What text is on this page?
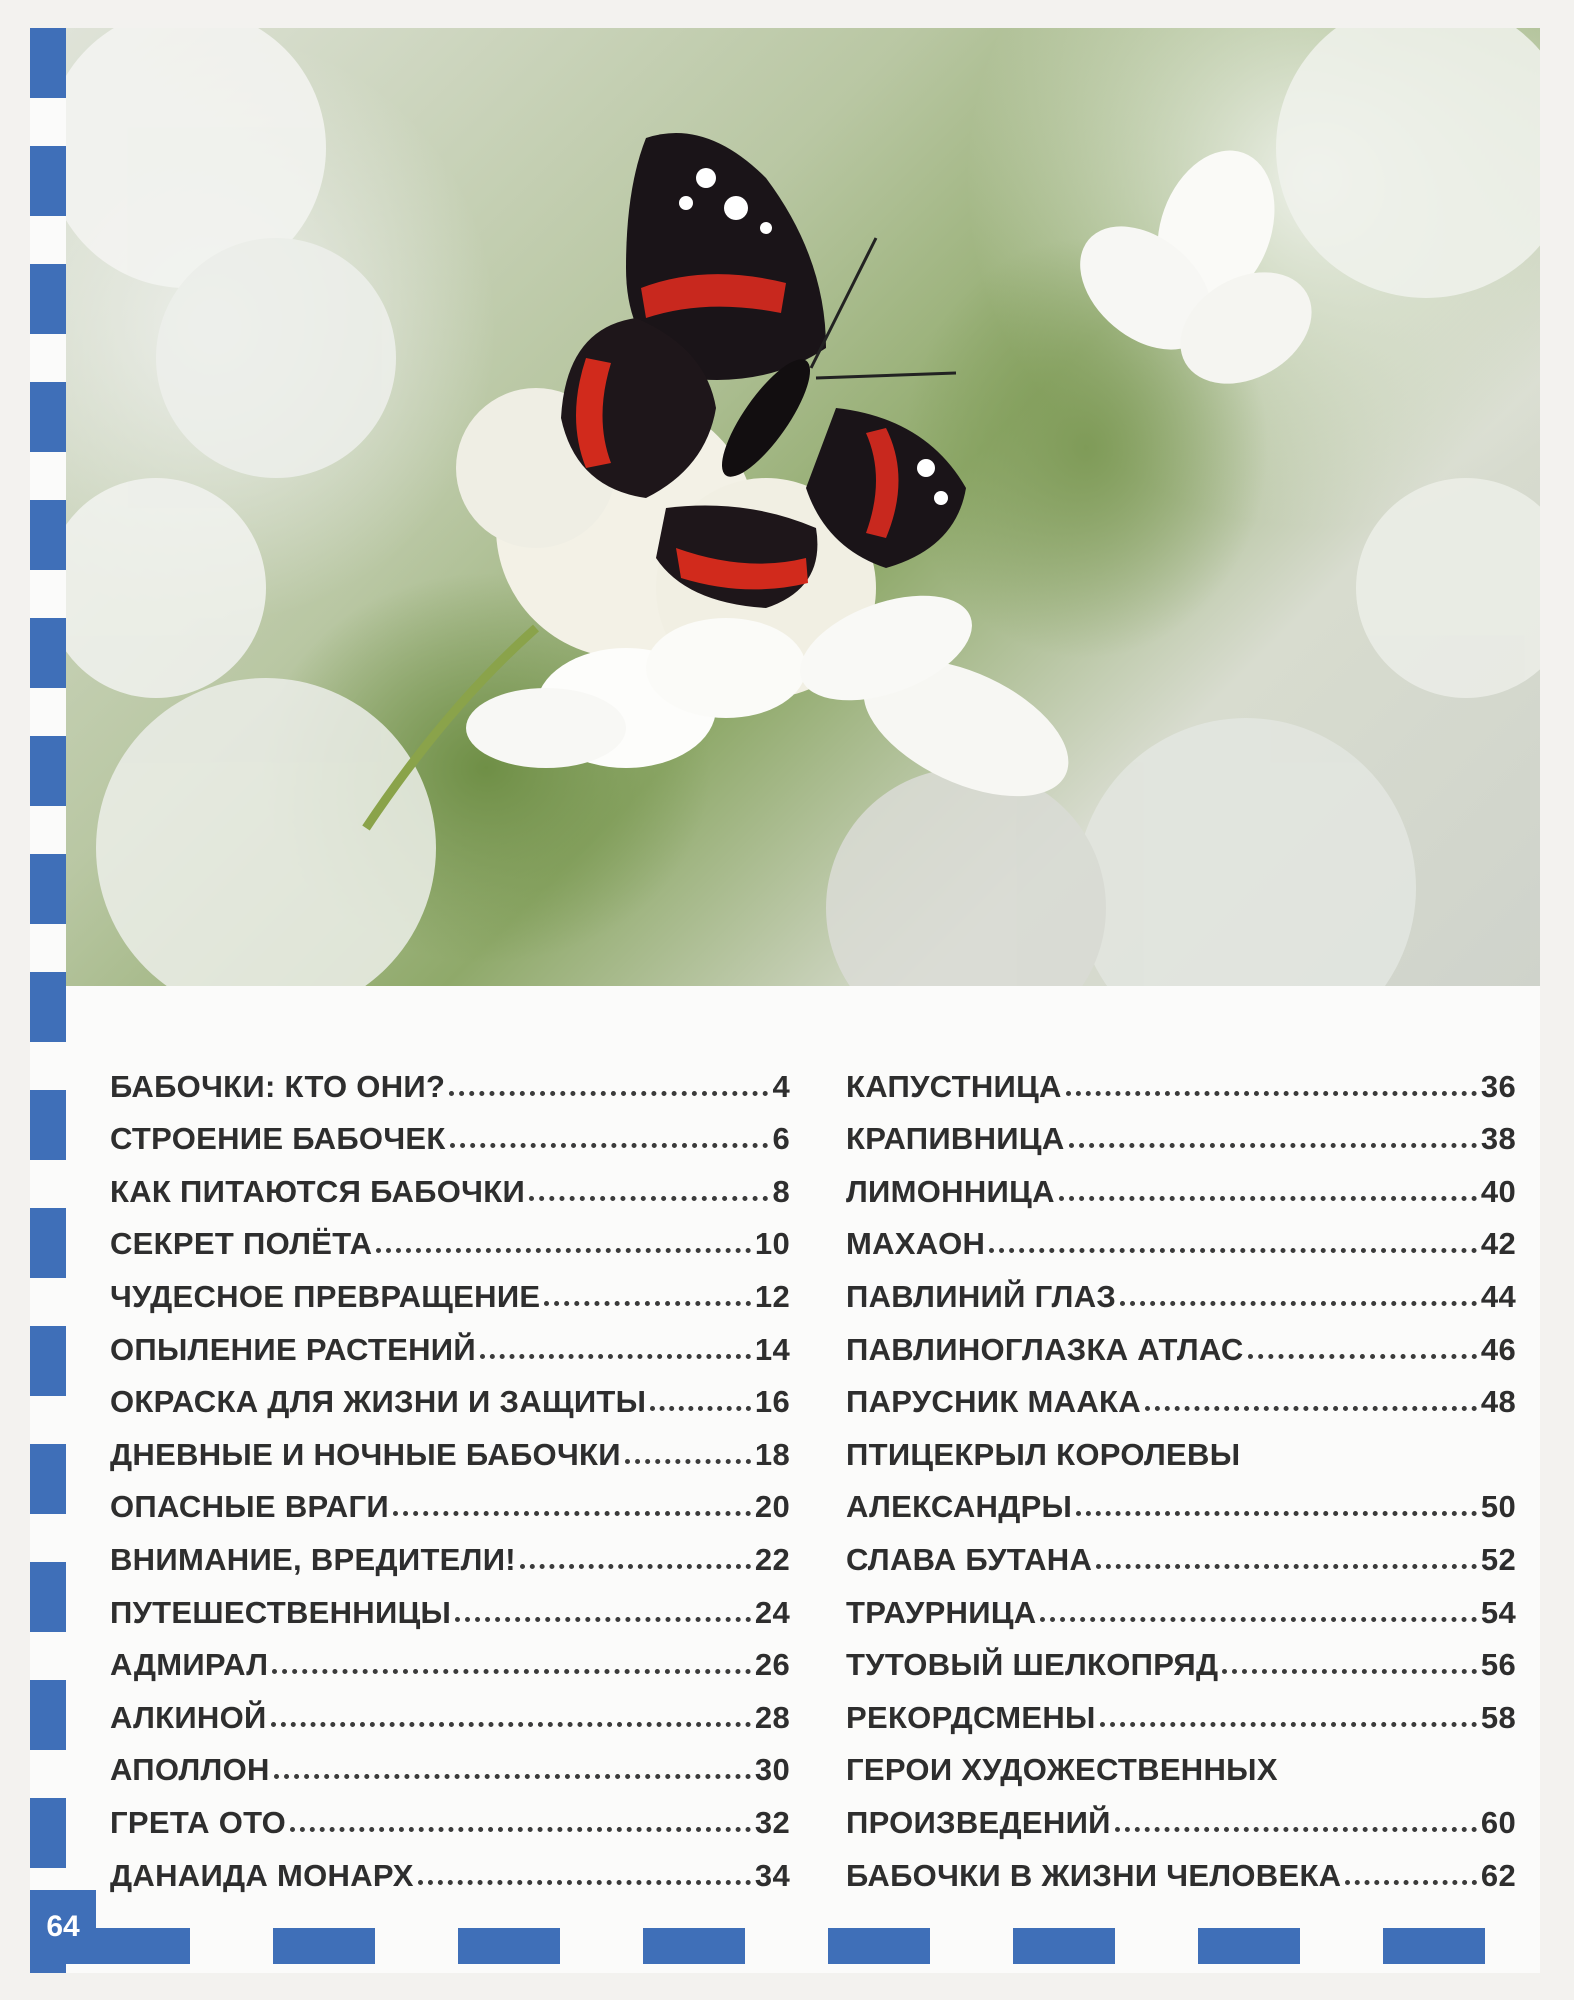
64
БАБОЧКИ: КТО ОНИ?	4
СТРОЕНИЕ БАБОЧЕК	6
КАК ПИТАЮТСЯ БАБОЧКИ	8
СЕКРЕТ ПОЛЁТА	10
ЧУДЕСНОЕ ПРЕВРАЩЕНИЕ	12
ОПЫЛЕНИЕ РАСТЕНИЙ	14
ОКРАСКА ДЛЯ ЖИЗНИ И ЗАЩИТЫ	16
ДНЕВНЫЕ И НОЧНЫЕ БАБОЧКИ	18
ОПАСНЫЕ ВРАГИ	20
ВНИМАНИЕ, ВРЕДИТЕЛИ!	22
ПУТЕШЕСТВЕННИЦЫ	24
АДМИРАЛ	26
АЛКИНОЙ	28
АПОЛЛОН	30
ГРЕТА ОТО	32
ДАНАИДА МОНАРХ	34
КАПУСТНИЦА	36
КРАПИВНИЦА	38
ЛИМОННИЦА	40
МАХАОН	42
ПАВЛИНИЙ ГЛАЗ	44
ПАВЛИНОГЛАЗКА АТЛАС	46
ПАРУСНИК МААКА	48
ПТИЦЕКРЫЛ КОРОЛЕВЫ
АЛЕКСАНДРЫ	50
СЛАВА БУТАНА	52
ТРАУРНИЦА	54
ТУТОВЫЙ ШЕЛКОПРЯД	56
РЕКОРДСМЕНЫ	58
ГЕРОИ ХУДОЖЕСТВЕННЫХ
ПРОИЗВЕДЕНИЙ	60
БАБОЧКИ В ЖИЗНИ ЧЕЛОВЕКА	62
